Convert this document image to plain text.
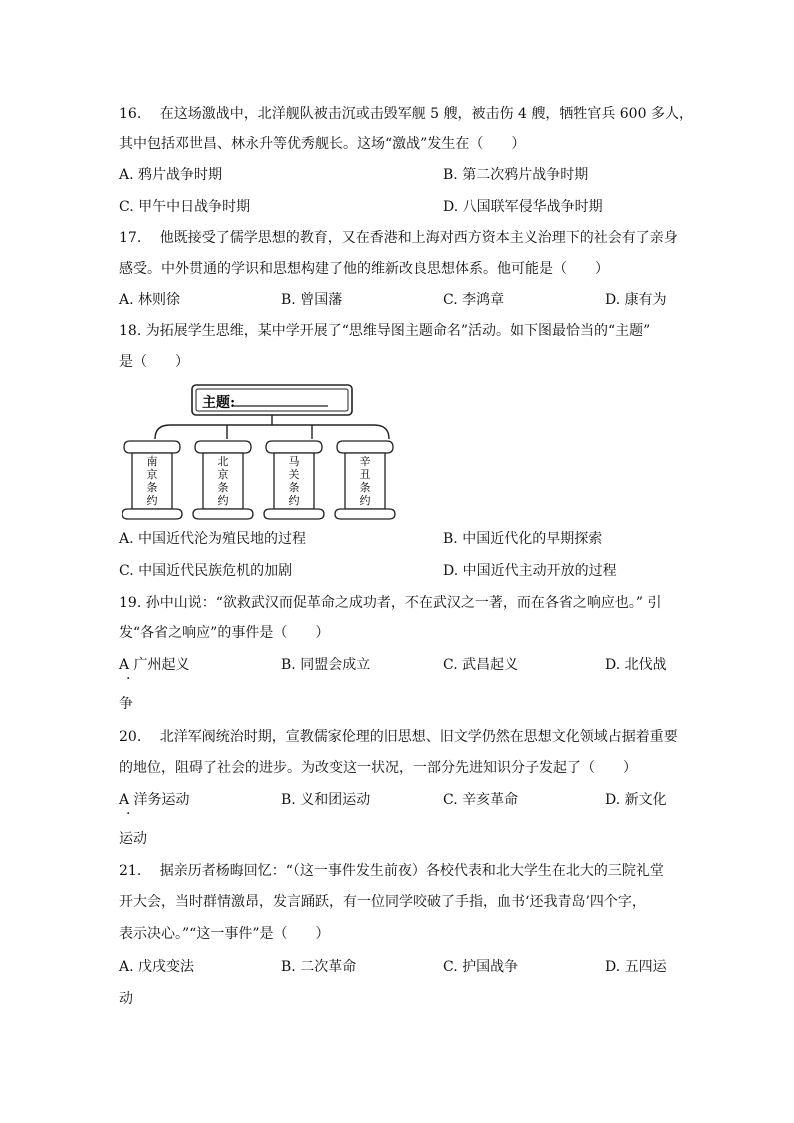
16.　 在这场激战中，北洋舰队被击沉或击毁军舰 5 艘，被击伤 4 艘，牺牲官兵 600 多人，
其中包括邓世昌、林永升等优秀舰长。这场“激战”发生在（　　）
A. 鸦片战争时期	B. 第二次鸦片战争时期
C. 甲午中日战争时期	D. 八国联军侵华战争时期
17.　 他既接受了儒学思想的教育，又在香港和上海对西方资本主义治理下的社会有了亲身
感受。中外贯通的学识和思想构建了他的维新改良思想体系。他可能是（　　）
A. 林则徐	B. 曾国藩	C. 李鸿章	D. 康有为
18. 为拓展学生思维，某中学开展了“思维导图主题命名”活动。如下图最恰当的“主题”
是（　　）
主题:
南
京
条
约
北
京
条
约
马
关
条
约
辛
丑
条
约
A. 中国近代沦为殖民地的过程	B. 中国近代化的早期探索
C. 中国近代民族危机的加剧	D. 中国近代主动开放的过程
19. 孙中山说：“欲救武汉而促革命之成功者，不在武汉之一著，而在各省之响应也。” 引
发“各省之响应”的事件是（　　）
A 广州起义
·
B. 同盟会成立	C. 武昌起义	D. 北伐战
争
20.　 北洋军阀统治时期，宣教儒家伦理的旧思想、旧文学仍然在思想文化领域占据着重要
的地位，阻碍了社会的进步。为改变这一状况，一部分先进知识分子发起了（　　）
A 洋务运动
·
B. 义和团运动	C. 辛亥革命	D. 新文化
运动
21.　 据亲历者杨晦回忆：“（这一事件发生前夜）各校代表和北大学生在北大的三院礼堂
开大会，当时群情激昂，发言踊跃，有一位同学咬破了手指，血书‘还我青岛’四个字，
表示决心。”“这一事件”是（　　）
A. 戊戌变法	B. 二次革命	C. 护国战争	D. 五四运
动
